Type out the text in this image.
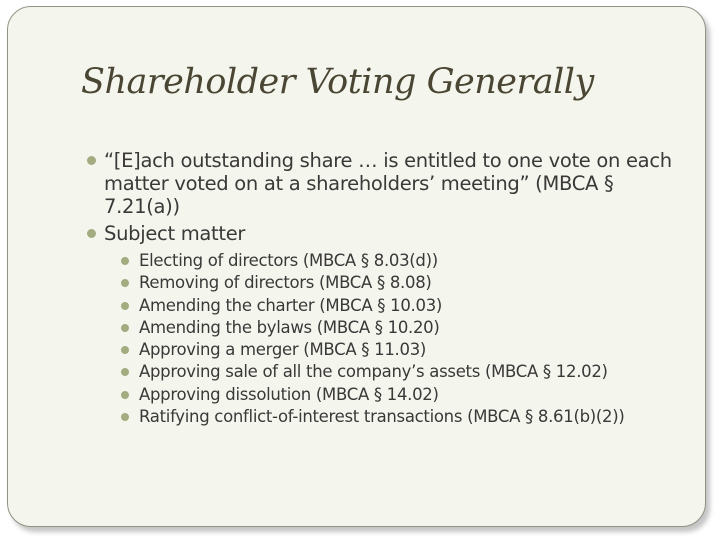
Shareholder Voting Generally
“[E]ach outstanding share … is entitled to one vote on each matter voted on at a shareholders’ meeting” (MBCA § 7.21(a))
Subject matter
Electing of directors (MBCA § 8.03(d))
Removing of directors (MBCA § 8.08)
Amending the charter (MBCA § 10.03)
Amending the bylaws (MBCA § 10.20)
Approving a merger (MBCA § 11.03)
Approving sale of all the company’s assets (MBCA § 12.02)
Approving dissolution (MBCA § 14.02)
Ratifying conflict-of-interest transactions (MBCA § 8.61(b)(2))
